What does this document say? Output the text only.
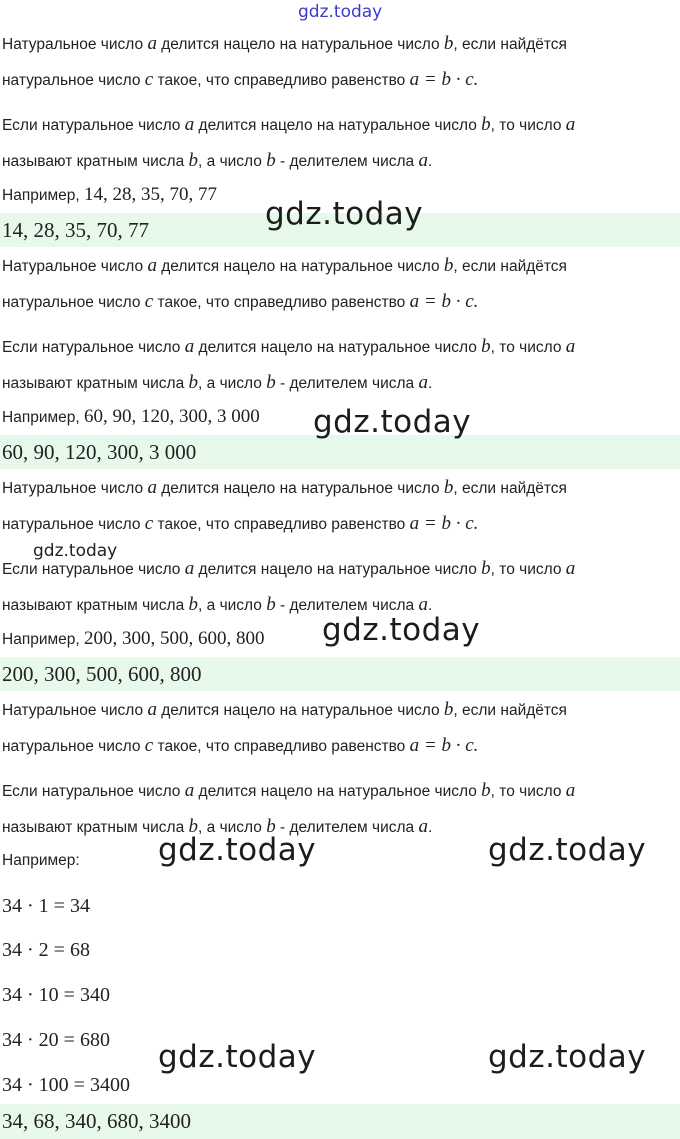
gdz.today
Натуральное число a делится нацело на натуральное число b, если найдётся
натуральное число c такое, что справедливо равенство a = b · c.
Если натуральное число a делится нацело на натуральное число b, то число a
называют кратным числа b, а число b - делителем числа a.
Например, 14, 28, 35, 70, 77
14, 28, 35, 70, 77	gdz.today
Натуральное число a делится нацело на натуральное число b, если найдётся
натуральное число c такое, что справедливо равенство a = b · c.
Если натуральное число a делится нацело на натуральное число b, то число a
называют кратным числа b, а число b - делителем числа a.
Например, 60, 90, 120, 300, 3 000
60, 90, 120, 300, 3 000
gdz.today
Натуральное число a делится нацело на натуральное число b, если найдётся
натуральное число c такое, что справедливо равенство a = b · c.
gdz.today
Если натуральное число a делится нацело на натуральное число b, то число a
называют кратным числа b, а число b - делителем числа a.
Например, 200, 300, 500, 600, 800
200, 300, 500, 600, 800
gdz.today
Натуральное число a делится нацело на натуральное число b, если найдётся
натуральное число c такое, что справедливо равенство a = b · c.
Если натуральное число a делится нацело на натуральное число b, то число a
называют кратным числа b, а число b - делителем числа a.
Например:	gdz.today	gdz.today
34 · 1 = 34
34 · 2 = 68
34 · 10 = 340
34 · 20 = 680
34 · 100 = 3400
gdz.today	gdz.today
34, 68, 340, 680, 3400
